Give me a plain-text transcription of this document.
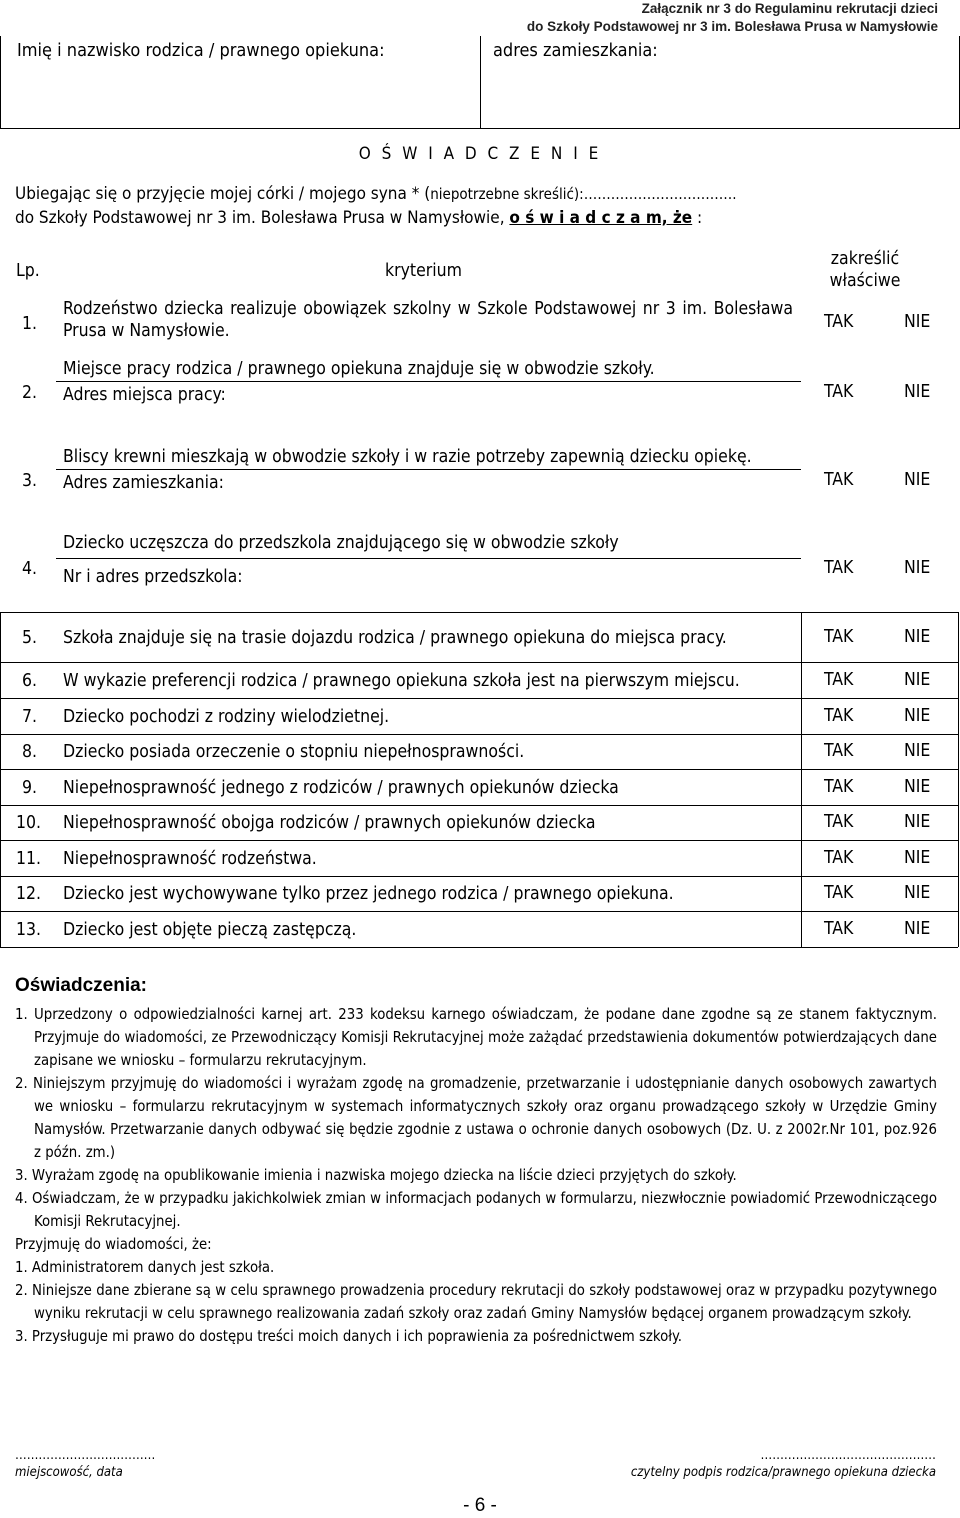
Załącznik nr 3 do Regulaminu rekrutacji dzieci
do Szkoły Podstawowej nr 3 im. Bolesława Prusa w Namysłowie
Imię i nazwisko rodzica / prawnego opiekuna:	adres zamieszkania:
O Ś W I A D C Z E N I E
Ubiegając się o przyjęcie mojej córki / mojego syna * (niepotrzebne skreślić):…………………………….
do Szkoły Podstawowej nr 3 im. Bolesława Prusa w Namysłowie, o ś w i a d c z a m, że :
Lp.	kryterium
zakreślić
właściwe
1.
Rodzeństwo dziecka realizuje obowiązek szkolny w Szkole Podstawowej nr 3 im. Bolesława Prusa w Namysłowie.	TAK	NIE
2.
Miejsce pracy rodzica / prawnego opiekuna znajduje się w obwodzie szkoły.
Adres miejsca pracy:	TAK	NIE
3.
Bliscy krewni mieszkają w obwodzie szkoły i w razie potrzeby zapewnią dziecku opiekę.
Adres zamieszkania:	TAK	NIE
4.
Dziecko uczęszcza do przedszkola znajdującego się w obwodzie szkoły
Nr i adres przedszkola:	TAK	NIE
5. Szkoła znajduje się na trasie dojazdu rodzica / prawnego opiekuna do miejsca pracy.	TAK	NIE
6. W wykazie preferencji rodzica / prawnego opiekuna szkoła jest na pierwszym miejscu.	TAK	NIE
7. Dziecko pochodzi z rodziny wielodzietnej.	TAK	NIE
8. Dziecko posiada orzeczenie o stopniu niepełnosprawności.	TAK	NIE
9. Niepełnosprawność jednego z rodziców / prawnych opiekunów dziecka	TAK	NIE
10. Niepełnosprawność obojga rodziców / prawnych opiekunów dziecka	TAK	NIE
11. Niepełnosprawność rodzeństwa.	TAK	NIE
12. Dziecko jest wychowywane tylko przez jednego rodzica / prawnego opiekuna.	TAK	NIE
13. Dziecko jest objęte pieczą zastępczą.	TAK	NIE
Oświadczenia:

1. Uprzedzony o odpowiedzialności karnej art. 233 kodeksu karnego oświadczam, że podane dane zgodne są ze stanem faktycznym. Przyjmuje do wiadomości, ze Przewodniczący Komisji Rekrutacyjnej może zażądać przedstawienia dokumentów potwierdzających dane zapisane we wniosku – formularzu rekrutacyjnym.

2. Niniejszym przyjmuję do wiadomości i wyrażam zgodę na gromadzenie, przetwarzanie i udostępnianie danych osobowych zawartych we wniosku – formularzu rekrutacyjnym w systemach informatycznych szkoły oraz organu prowadzącego szkoły w Urzędzie Gminy Namysłów. Przetwarzanie danych odbywać się będzie zgodnie z ustawa o ochronie danych osobowych (Dz. U. z 2002r.Nr 101, poz.926 z późn. zm.)

3. Wyrażam zgodę na opublikowanie imienia i nazwiska mojego dziecka na liście dzieci przyjętych do szkoły.

4. Oświadczam, że w przypadku jakichkolwiek zmian w informacjach podanych w formularzu, niezwłocznie powiadomić Przewodniczącego Komisji Rekrutacyjnej.

Przyjmuję do wiadomości, że:

1. Administratorem danych jest szkoła.

2. Niniejsze dane zbierane są w celu sprawnego prowadzenia procedury rekrutacji do szkoły podstawowej oraz w przypadku pozytywnego wyniku rekrutacji w celu sprawnego realizowania zadań szkoły oraz zadań Gminy Namysłów będącej organem prowadzącym szkoły.

3. Przysługuje mi prawo do dostępu treści moich danych i ich poprawienia za pośrednictwem szkoły.

………………………………
miejscowość, data
………………………………………
czytelny podpis rodzica/prawnego opiekuna dziecka
- 6 -
